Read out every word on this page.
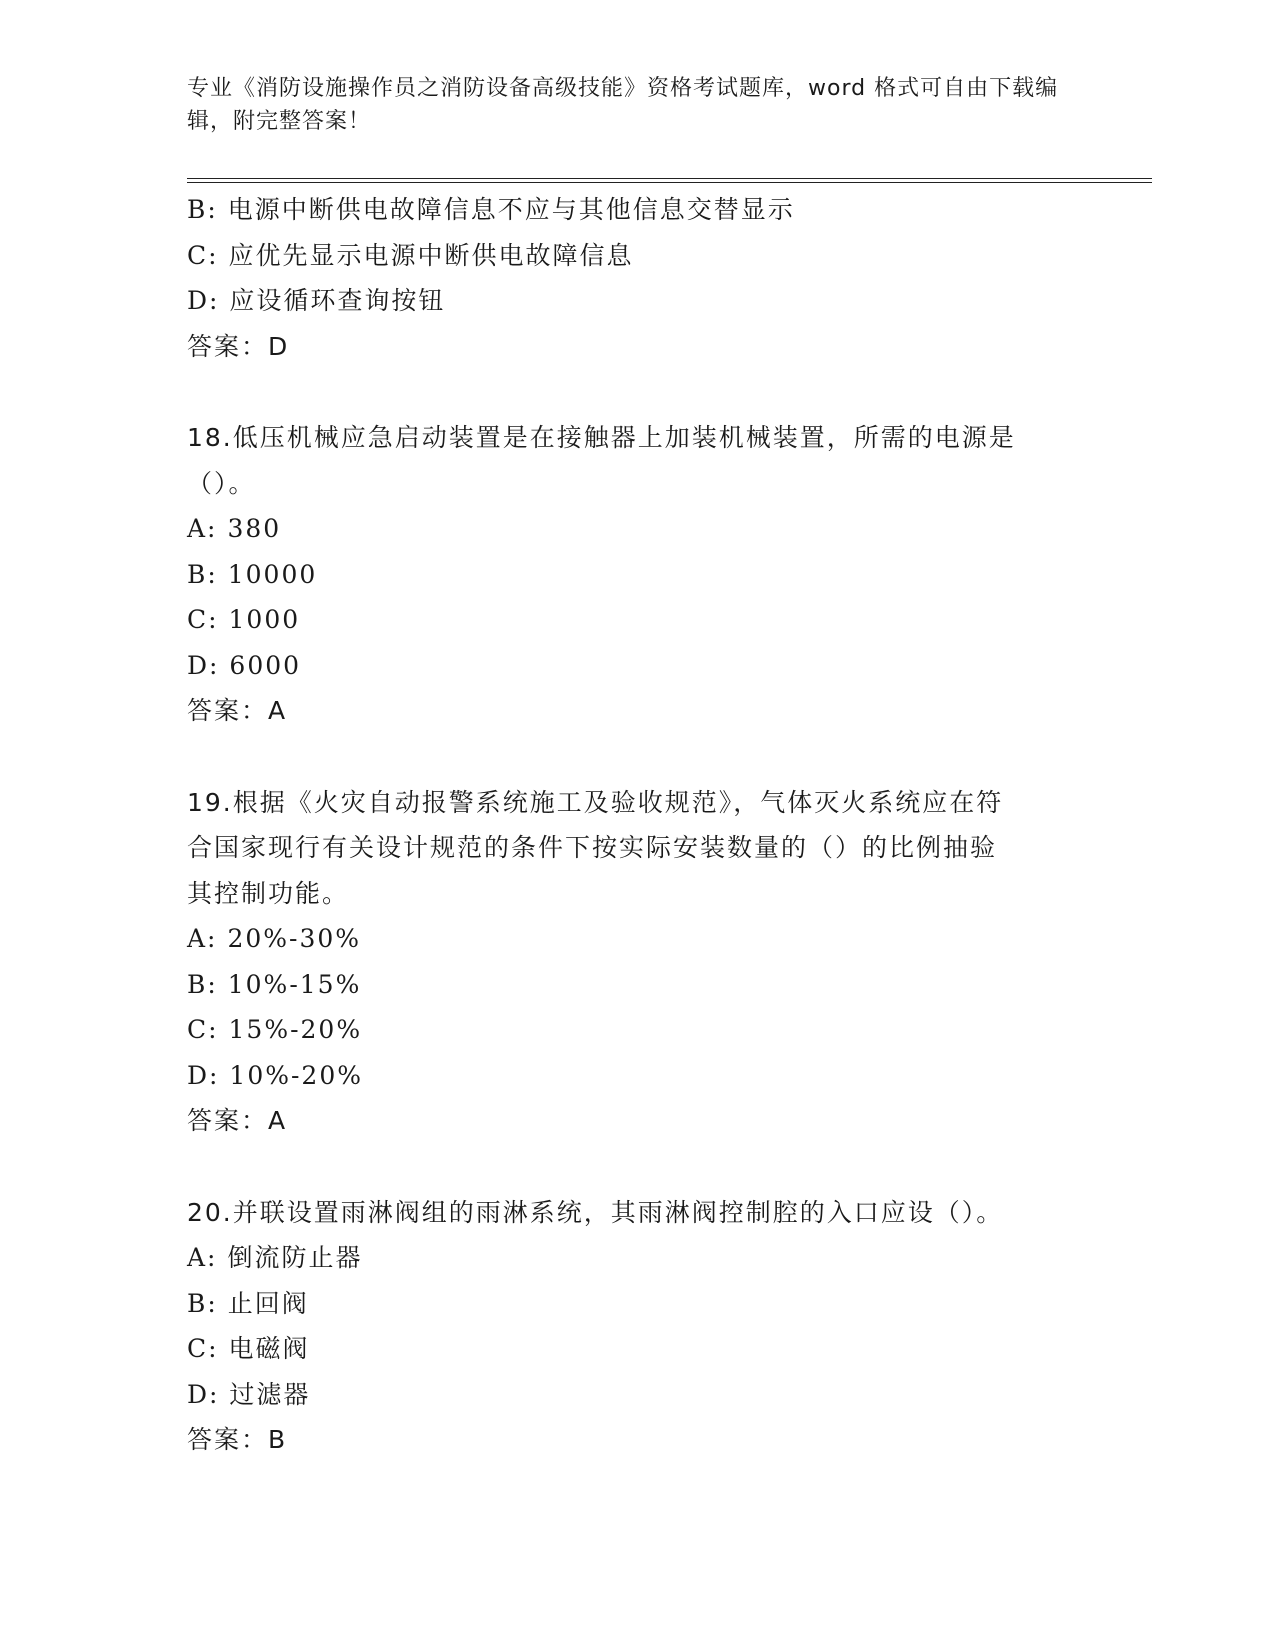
专业《消防设施操作员之消防设备高级技能》资格考试题库，word 格式可自由下载编辑，附完整答案！
B: 电源中断供电故障信息不应与其他信息交替显示
C: 应优先显示电源中断供电故障信息
D: 应设循环查询按钮
答案：D
18.低压机械应急启动装置是在接触器上加装机械装置，所需的电源是
（）。
A: 380
B: 10000
C: 1000
D: 6000
答案：A
19.根据《火灾自动报警系统施工及验收规范》，气体灭火系统应在符
合国家现行有关设计规范的条件下按实际安装数量的（）的比例抽验
其控制功能。
A: 20%-30%
B: 10%-15%
C: 15%-20%
D: 10%-20%
答案：A
20.并联设置雨淋阀组的雨淋系统，其雨淋阀控制腔的入口应设（）。
A: 倒流防止器
B: 止回阀
C: 电磁阀
D: 过滤器
答案：B
